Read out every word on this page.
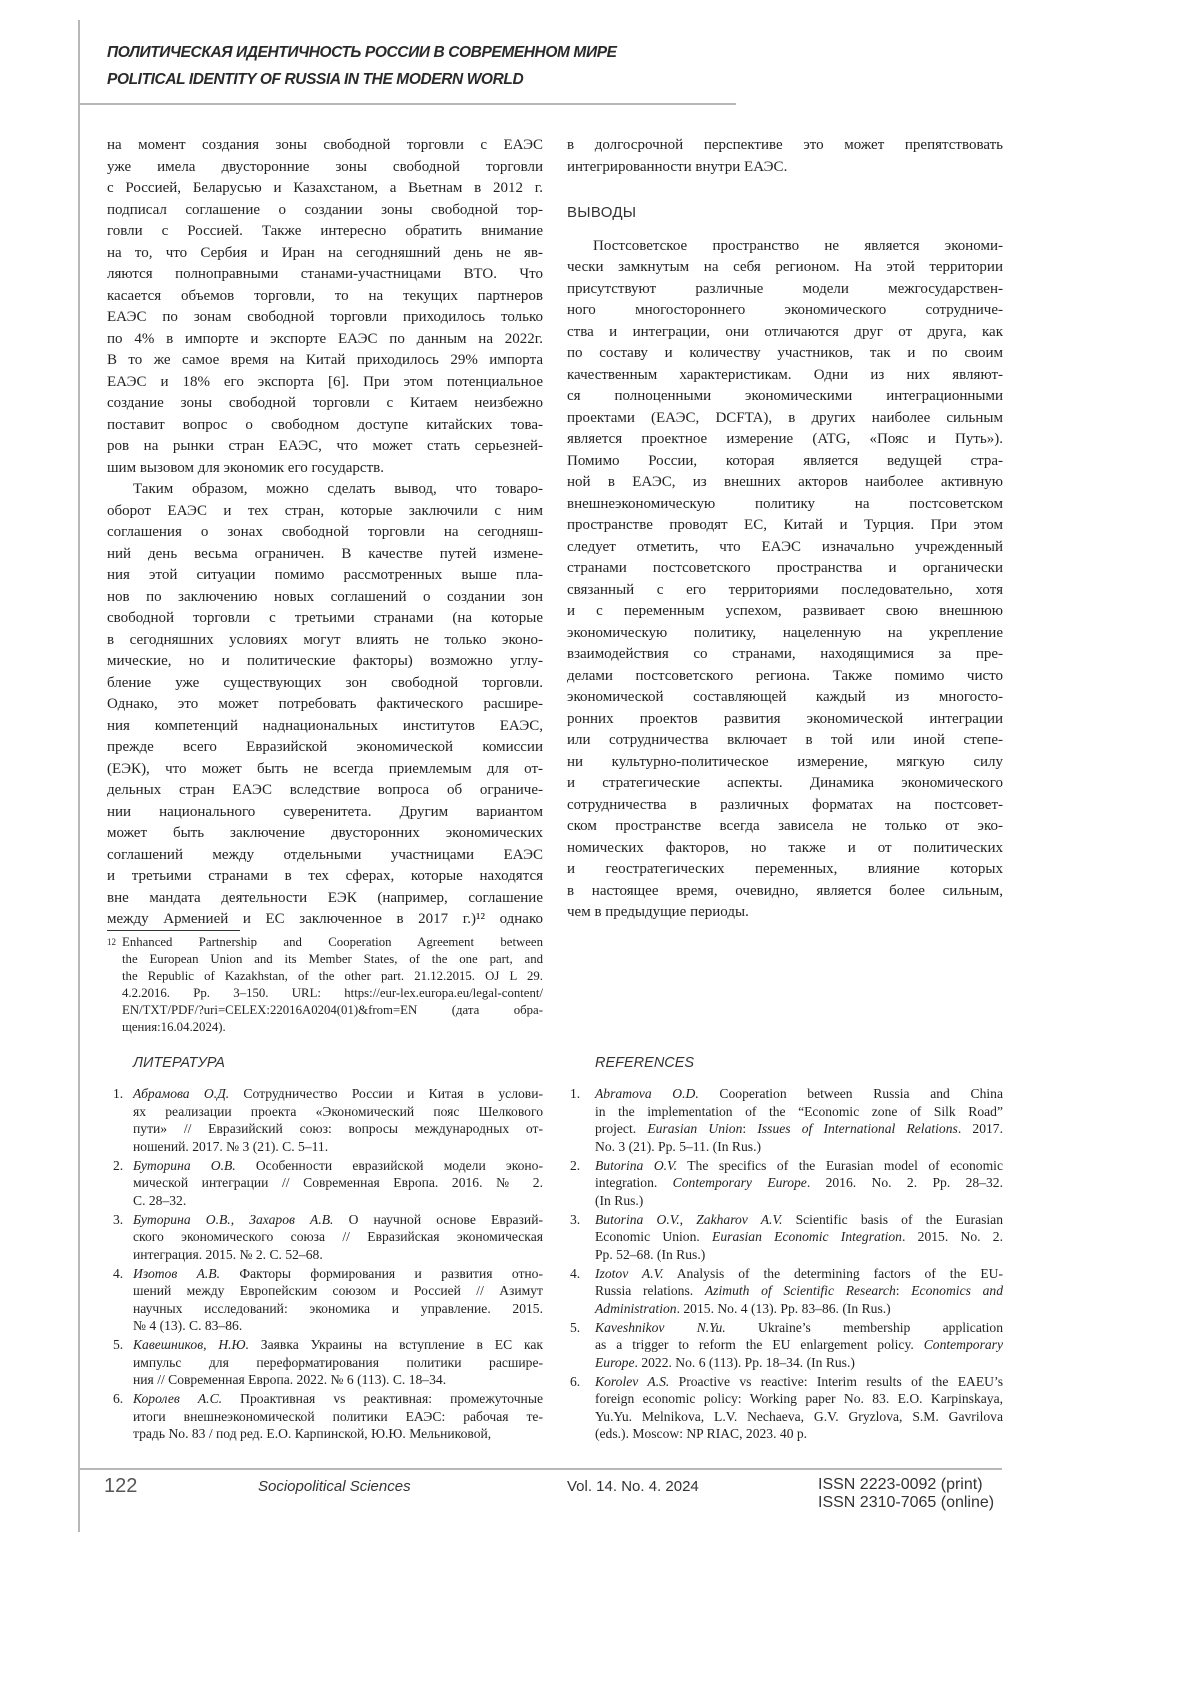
ПОЛИТИЧЕСКАЯ ИДЕНТИЧНОСТЬ РОССИИ В СОВРЕМЕННОМ МИРЕ
POLITICAL IDENTITY OF RUSSIA IN THE MODERN WORLD
на момент создания зоны свободной торговли с ЕАЭС
уже имела двусторонние зоны свободной торговли
с Россией, Беларусью и Казахстаном, а Вьетнам в 2012 г.
подписал соглашение о создании зоны свободной тор-
говли с Россией. Также интересно обратить внимание
на то, что Сербия и Иран на сегодняшний день не яв-
ляются полноправными станами-участницами ВТО. Что
касается объемов торговли, то на текущих партнеров
ЕАЭС по зонам свободной торговли приходилось только
по 4% в импорте и экспорте ЕАЭС по данным на 2022г.
В то же самое время на Китай приходилось 29% импорта
ЕАЭС и 18% его экспорта [6]. При этом потенциальное
создание зоны свободной торговли с Китаем неизбежно
поставит вопрос о свободном доступе китайских това-
ров на рынки стран ЕАЭС, что может стать серьезней-
шим вызовом для экономик его государств.
Таким образом, можно сделать вывод, что товаро-
оборот ЕАЭС и тех стран, которые заключили с ним
соглашения о зонах свободной торговли на сегодняш-
ний день весьма ограничен. В качестве путей измене-
ния этой ситуации помимо рассмотренных выше пла-
нов по заключению новых соглашений о создании зон
свободной торговли с третьими странами (на которые
в сегодняшних условиях могут влиять не только эконо-
мические, но и политические факторы) возможно углу-
бление уже существующих зон свободной торговли.
Однако, это может потребовать фактического расшире-
ния компетенций наднациональных институтов ЕАЭС,
прежде всего Евразийской экономической комиссии
(ЕЭК), что может быть не всегда приемлемым для от-
дельных стран ЕАЭС вследствие вопроса об ограниче-
нии национального суверенитета. Другим вариантом
может быть заключение двусторонних экономических
соглашений между отдельными участницами ЕАЭС
и третьими странами в тех сферах, которые находятся
вне мандата деятельности ЕЭК (например, соглашение
между Арменией и ЕС заключенное в 2017 г.)¹² однако
в долгосрочной перспективе это может препятствовать
интегрированности внутри ЕАЭС.
ВЫВОДЫ
Постсоветское пространство не является экономи-
чески замкнутым на себя регионом. На этой территории
присутствуют различные модели межгосударствен-
ного многостороннего экономического сотрудниче-
ства и интеграции, они отличаются друг от друга, как
по составу и количеству участников, так и по своим
качественным характеристикам. Одни из них являют-
ся полноценными экономическими интеграционными
проектами (ЕАЭС, DCFTA), в других наиболее сильным
является проектное измерение (ATG, «Пояс и Путь»).
Помимо России, которая является ведущей стра-
ной в ЕАЭС, из внешних акторов наиболее активную
внешнеэкономическую политику на постсоветском
пространстве проводят ЕС, Китай и Турция. При этом
следует отметить, что ЕАЭС изначально учрежденный
странами постсоветского пространства и органически
связанный с его территориями последовательно, хотя
и с переменным успехом, развивает свою внешнюю
экономическую политику, нацеленную на укрепление
взаимодействия со странами, находящимися за пре-
делами постсоветского региона. Также помимо чисто
экономической составляющей каждый из многосто-
ронних проектов развития экономической интеграции
или сотрудничества включает в той или иной степе-
ни культурно-политическое измерение, мягкую силу
и стратегические аспекты. Динамика экономического
сотрудничества в различных форматах на постсовет-
ском пространстве всегда зависела не только от эко-
номических факторов, но также и от политических
и геостратегических переменных, влияние которых
в настоящее время, очевидно, является более сильным,
чем в предыдущие периоды.
12 Enhanced Partnership and Cooperation Agreement between
the European Union and its Member States, of the one part, and
the Republic of Kazakhstan, of the other part. 21.12.2015. OJ L 29.
4.2.2016. Pp. 3–150. URL: https://eur-lex.europa.eu/legal-content/
EN/TXT/PDF/?uri=CELEX:22016A0204(01)&from=EN (дата обра-
щения:16.04.2024).
ЛИТЕРАТУРА	REFERENCES
1. Абрамова О.Д. Сотрудничество России и Китая в услови-
ях реализации проекта «Экономический пояс Шелкового
пути» // Евразийский союз: вопросы международных от-
ношений. 2017. № 3 (21). С. 5–11.
2. Буторина О.В. Особенности евразийской модели эконо-
мической интеграции // Современная Европа. 2016. № 2.
С. 28–32.
3. Буторина О.В., Захаров А.В. О научной основе Евразий-
ского экономического союза // Евразийская экономическая
интеграция. 2015. № 2. С. 52–68.
4. Изотов А.В. Факторы формирования и развития отно-
шений между Европейским союзом и Россией // Азимут
научных исследований: экономика и управление. 2015.
№ 4 (13). С. 83–86.
5. Кавешников, Н.Ю. Заявка Украины на вступление в ЕС как
импульс для переформатирования политики расшире-
ния // Современная Европа. 2022. № 6 (113). С. 18–34.
6. Королев А.С. Проактивная vs реактивная: промежуточные
итоги внешнеэкономической политики ЕАЭС: рабочая те-
традь No. 83 / под ред. Е.О. Карпинской, Ю.Ю. Мельниковой,
1. Abramova O.D. Cooperation between Russia and China
in the implementation of the “Economic zone of Silk Road”
project. Eurasian Union: Issues of International Relations. 2017.
No. 3 (21). Pp. 5–11. (In Rus.)
2. Butorina O.V. The specifics of the Eurasian model of economic
integration. Contemporary Europe. 2016. No. 2. Pp. 28–32.
(In Rus.)
3. Butorina O.V., Zakharov A.V. Scientific basis of the Eurasian
Economic Union. Eurasian Economic Integration. 2015. No. 2.
Pp. 52–68. (In Rus.)
4. Izotov A.V. Analysis of the determining factors of the EU-
Russia relations. Azimuth of Scientific Research: Economics and
Administration. 2015. No. 4 (13). Pp. 83–86. (In Rus.)
5. Kaveshnikov N.Yu. Ukraine’s membership application
as a trigger to reform the EU enlargement policy. Contemporary
Europe. 2022. No. 6 (113). Pp. 18–34. (In Rus.)
6. Korolev A.S. Proactive vs reactive: Interim results of the EAEU’s
foreign economic policy: Working paper No. 83. E.O. Karpinskaya,
Yu.Yu. Melnikova, L.V. Nechaeva, G.V. Gryzlova, S.M. Gavrilova
(eds.). Moscow: NP RIAC, 2023. 40 p.
122	Sociopolitical Sciences	Vol. 14. No. 4. 2024	ISSN 2223-0092 (print)
ISSN 2310-7065 (online)
